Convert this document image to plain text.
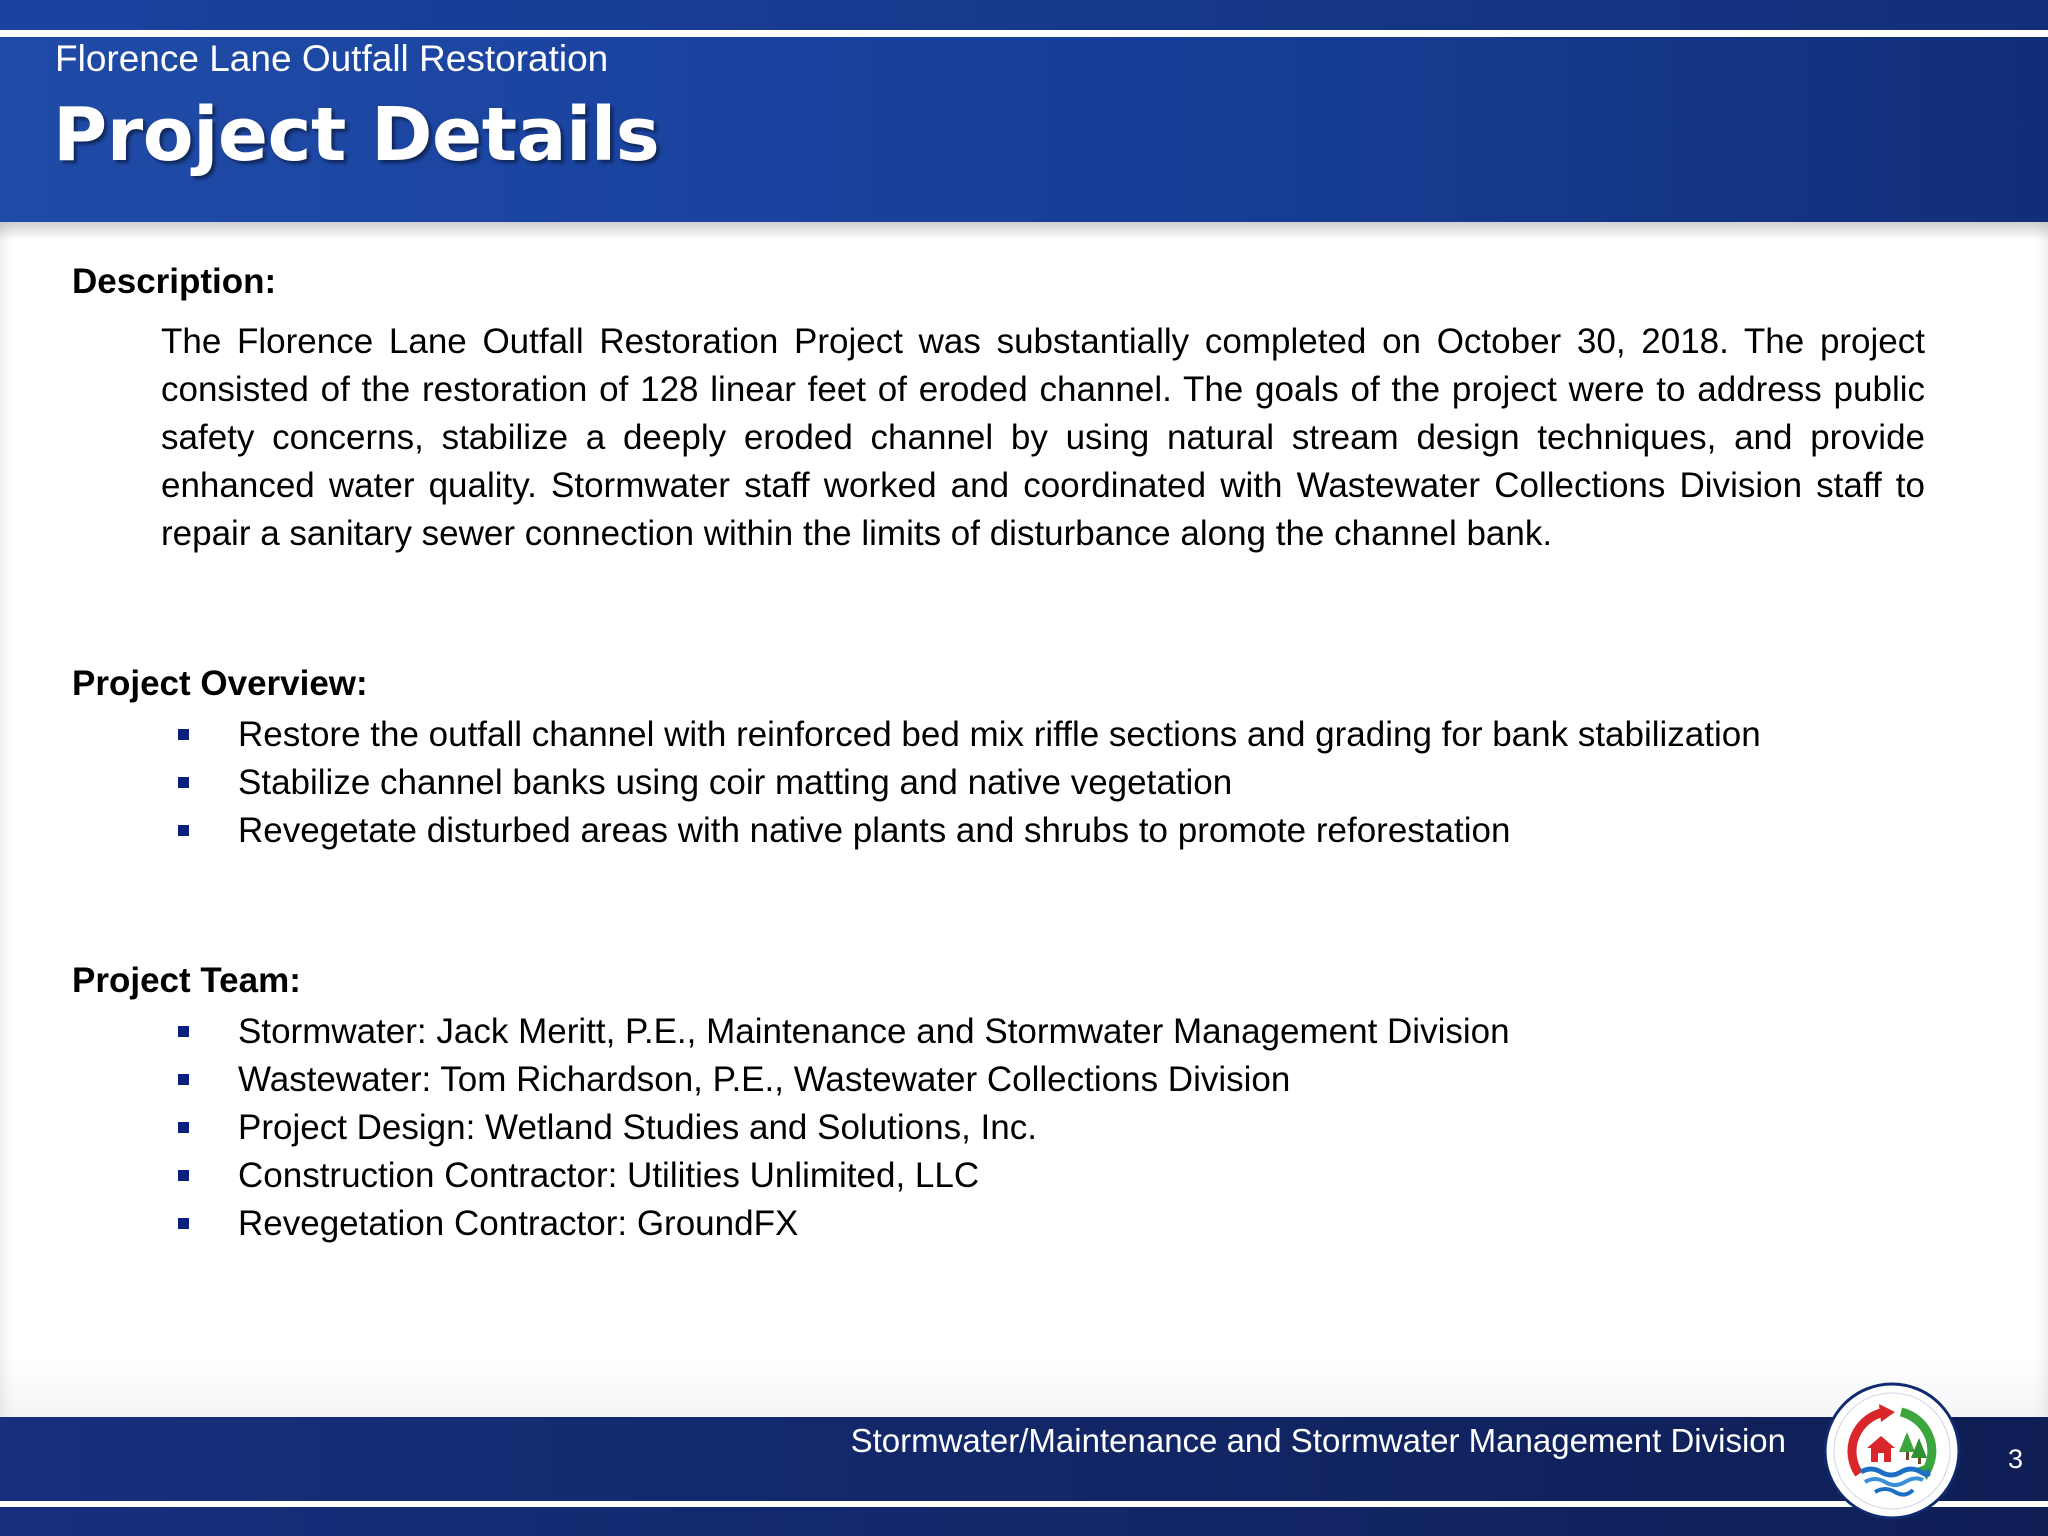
Florence Lane Outfall Restoration
Project Details
Description:

The Florence Lane Outfall Restoration Project was substantially completed on October 30, 2018. The project consisted of the restoration of 128 linear feet of eroded channel. The goals of the project were to address public safety concerns, stabilize a deeply eroded channel by using natural stream design techniques, and provide enhanced water quality. Stormwater staff worked and coordinated with Wastewater Collections Division staff to repair a sanitary sewer connection within the limits of disturbance along the channel bank.

Project Overview:
Restore the outfall channel with reinforced bed mix riffle sections and grading for bank stabilization
Stabilize channel banks using coir matting and native vegetation
Revegetate disturbed areas with native plants and shrubs to promote reforestation
Project Team:
Stormwater: Jack Meritt, P.E., Maintenance and Stormwater Management Division
Wastewater: Tom Richardson, P.E., Wastewater Collections Division
Project Design: Wetland Studies and Solutions, Inc.
Construction Contractor: Utilities Unlimited, LLC
Revegetation Contractor: GroundFX
Stormwater/Maintenance and Stormwater Management Division	3
